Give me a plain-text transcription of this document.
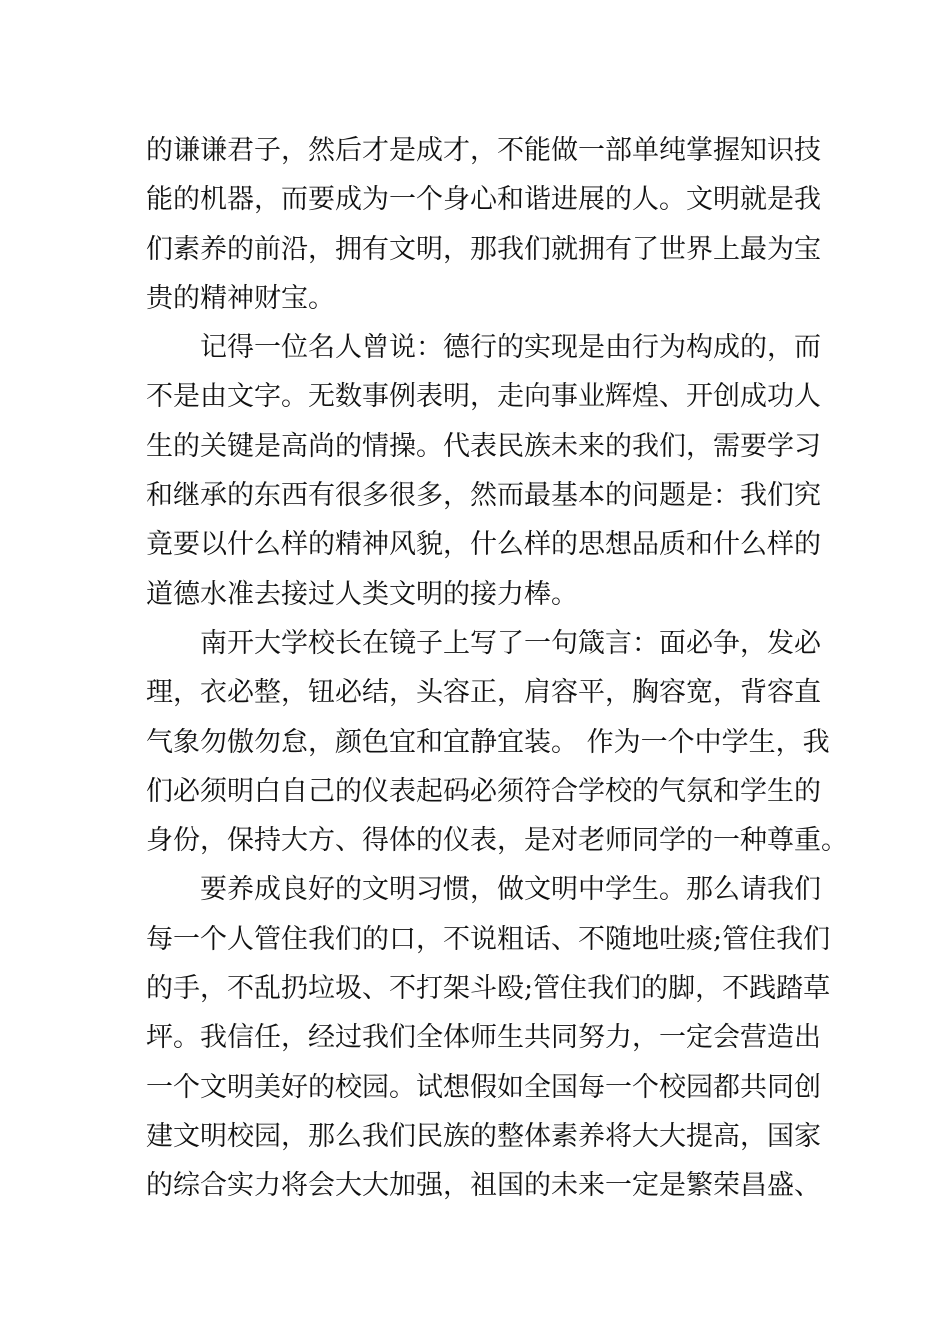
的谦谦君子，然后才是成才，不能做一部单纯掌握知识技
能的机器，而要成为一个身心和谐进展的人。文明就是我
们素养的前沿，拥有文明，那我们就拥有了世界上最为宝
贵的精神财宝。
　　记得一位名人曾说：德行的实现是由行为构成的，而
不是由文字。无数事例表明，走向事业辉煌、开创成功人
生的关键是高尚的情操。代表民族未来的我们，需要学习
和继承的东西有很多很多，然而最基本的问题是：我们究
竟要以什么样的精神风貌，什么样的思想品质和什么样的
道德水准去接过人类文明的接力棒。
　　南开大学校长在镜子上写了一句箴言：面必争，发必
理，衣必整，钮必结，头容正，肩容平，胸容宽，背容直
气象勿傲勿怠，颜色宜和宜静宜装。 作为一个中学生，我
们必须明白自己的仪表起码必须符合学校的气氛和学生的
身份，保持大方、得体的仪表，是对老师同学的一种尊重。
　　要养成良好的文明习惯，做文明中学生。那么请我们
每一个人管住我们的口，不说粗话、不随地吐痰;管住我们
的手，不乱扔垃圾、不打架斗殴;管住我们的脚，不践踏草
坪。我信任，经过我们全体师生共同努力，一定会营造出
一个文明美好的校园。试想假如全国每一个校园都共同创
建文明校园，那么我们民族的整体素养将大大提高，国家
的综合实力将会大大加强，祖国的未来一定是繁荣昌盛、
